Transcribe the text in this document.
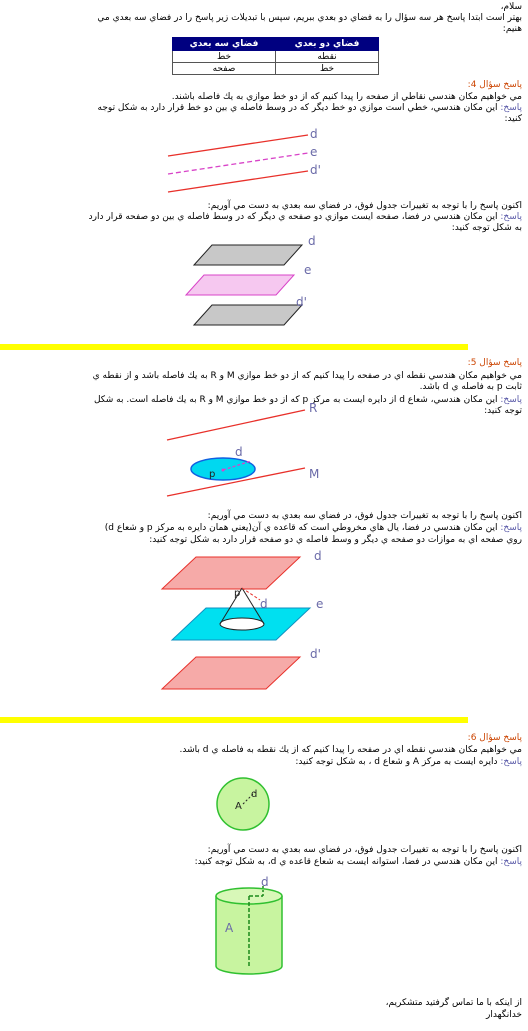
سلام،
بهتر است ابتدا پاسخ هر سه سؤال را به فضاي دو بعدي ببريم، سپس با تبديلات زير پاسخ را در فضاي سه بعدي مي
هنيم:
فضاي دو بعدي	فضاي سه بعدي
نقطه	خط
خط	صفحه
پاسخ سؤال 4:
مي خواهيم مكان هندسي نقاطي از صفحه را پيدا كنيم كه از دو خط موازي به يك فاصله باشند.
پاسخ: اين مكان هندسي، خطي است موازي دو خط ديگر كه در وسط فاصله ي بين دو خط قرار دارد به شكل توجه
كنيد:
d
e
d'
اكنون پاسخ را با توجه به تغييرات جدول فوق، در فضاي سه بعدي به دست مي آوريم:
پاسخ: اين مكان هندسي در فضا، صفحه ايست موازي دو صفحه ي ديگر كه در وسط فاصله ي بين دو صفحه قرار دارد
به شكل توجه كنيد:
d
e
d'
پاسخ سؤال 5:
مي خواهيم مكان هندسي نقطه اي در صفحه را پيدا كنيم كه از دو خط موازي M و R به يك فاصله باشد و از نقطه ي
ثابت p به فاصله ي d باشد.
پاسخ: اين مكان هندسي، شعاع d از دايره ايست به مركز p كه از دو خط موازي M و R به يك فاصله است. به شكل
توجه كنيد:
R
d
p	M
اكنون پاسخ را با توجه به تغييرات جدول فوق، در فضاي سه بعدي به دست مي آوريم:
پاسخ: اين مكان هندسي در فضا، يال هاي مخروطي است كه قاعده ي آن(يعني همان دايره به مركز p و شعاع d)
روي صفحه اي به موازات دو صفحه ي ديگر و وسط فاصله ي دو صفحه قرار دارد به شكل توجه كنيد:
d
p
d	e
d'
پاسخ سؤال 6:
مي خواهيم مكان هندسي نقطه اي در صفحه را پيدا كنيم كه از يك نقطه به فاصله ي d باشد.
پاسخ: دايره ايست به مركز A و شعاع d ، به شكل توجه كنيد:
A
d
اكنون پاسخ را با توجه به تغييرات جدول فوق، در فضاي سه بعدي به دست مي آوريم:
پاسخ: اين مكان هندسي در فضا، استوانه ايست به شعاع قاعده ي d، به شكل توجه كنيد:
d
A
از اينكه با ما تماس گرفتيد متشكريم،
خدانگهدار
